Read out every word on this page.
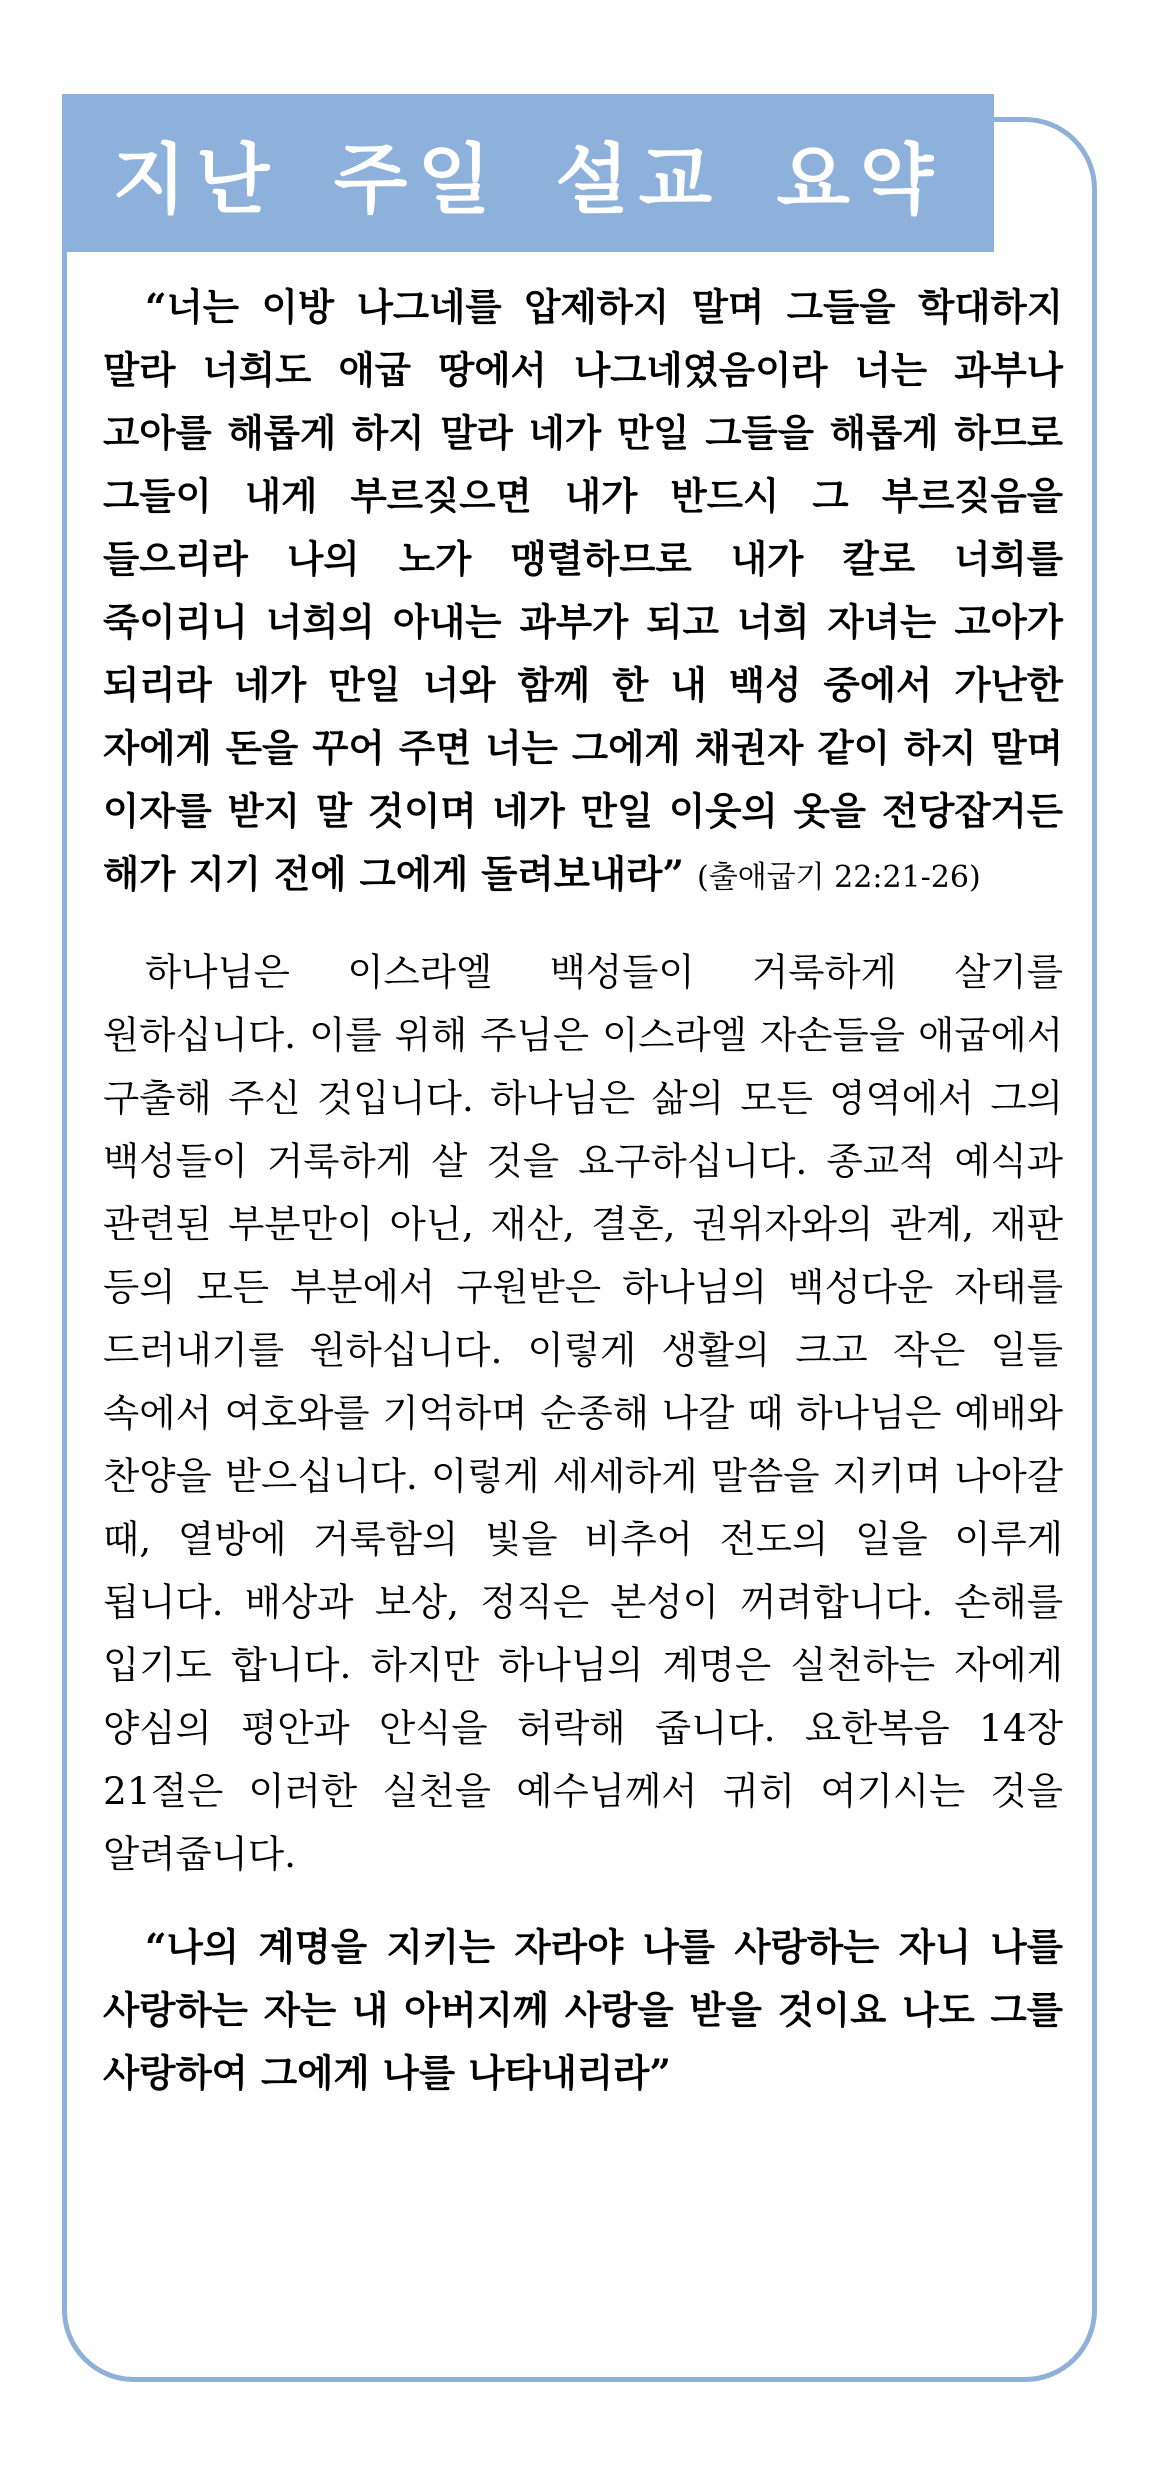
지난 주일 설교 요약

“너는 이방 나그네를 압제하지 말며 그들을 학대하지 말라 너희도 애굽 땅에서 나그네였음이라 너는 과부나 고아를 해롭게 하지 말라 네가 만일 그들을 해롭게 하므로 그들이 내게 부르짖으면 내가 반드시 그 부르짖음을 들으리라 나의 노가 맹렬하므로 내가 칼로 너희를 죽이리니 너희의 아내는 과부가 되고 너희 자녀는 고아가 되리라 네가 만일 너와 함께 한 내 백성 중에서 가난한 자에게 돈을 꾸어 주면 너는 그에게 채권자 같이 하지 말며 이자를 받지 말 것이며 네가 만일 이웃의 옷을 전당잡거든 해가 지기 전에 그에게 돌려보내라” (출애굽기 22:21-26)

하나님은 이스라엘 백성들이 거룩하게 살기를 원하십니다. 이를 위해 주님은 이스라엘 자손들을 애굽에서 구출해 주신 것입니다. 하나님은 삶의 모든 영역에서 그의 백성들이 거룩하게 살 것을 요구하십니다. 종교적 예식과 관련된 부분만이 아닌, 재산, 결혼, 권위자와의 관계, 재판 등의 모든 부분에서 구원받은 하나님의 백성다운 자태를 드러내기를 원하십니다. 이렇게 생활의 크고 작은 일들 속에서 여호와를 기억하며 순종해 나갈 때 하나님은 예배와 찬양을 받으십니다. 이렇게 세세하게 말씀을 지키며 나아갈 때, 열방에 거룩함의 빛을 비추어 전도의 일을 이루게 됩니다. 배상과 보상, 정직은 본성이 꺼려합니다. 손해를 입기도 합니다. 하지만 하나님의 계명은 실천하는 자에게 양심의 평안과 안식을 허락해 줍니다. 요한복음 14장 21절은 이러한 실천을 예수님께서 귀히 여기시는 것을 알려줍니다.

“나의 계명을 지키는 자라야 나를 사랑하는 자니 나를 사랑하는 자는 내 아버지께 사랑을 받을 것이요 나도 그를 사랑하여 그에게 나를 나타내리라”
